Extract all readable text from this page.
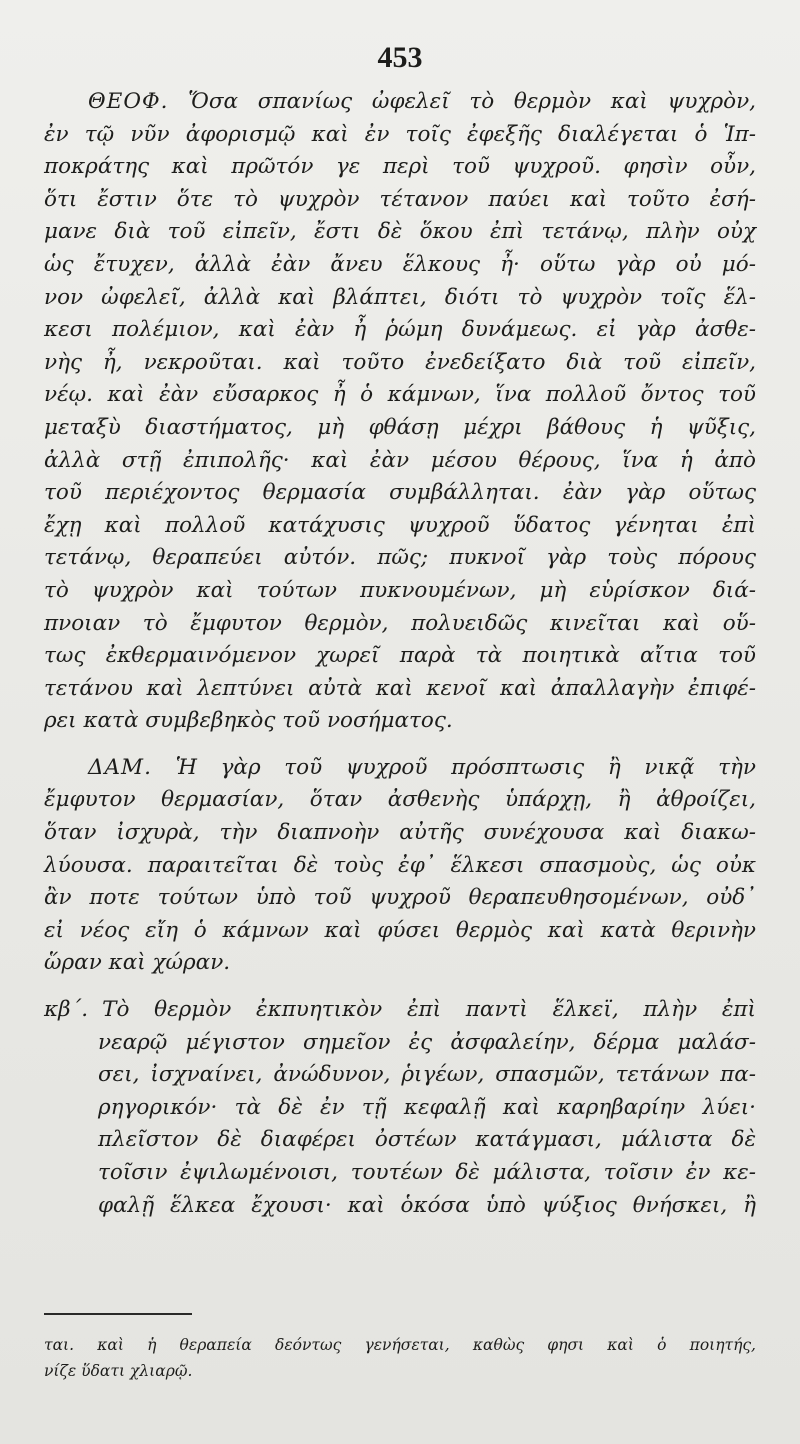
453
ΘΕΟΦ. Ὅσα σπανίως ὠφελεῖ τὸ θερμὸν καὶ ψυχρὸν,
ἐν τῷ νῦν ἀφορισμῷ καὶ ἐν τοῖς ἐφεξῆς διαλέγεται ὁ Ἱπ-
ποκράτης καὶ πρῶτόν γε περὶ τοῦ ψυχροῦ. φησὶν οὖν,
ὅτι ἔστιν ὅτε τὸ ψυχρὸν τέτανον παύει καὶ τοῦτο ἐσή-
μανε διὰ τοῦ εἰπεῖν, ἔστι δὲ ὅκου ἐπὶ τετάνῳ, πλὴν οὐχ
ὡς ἔτυχεν, ἀλλὰ ἐὰν ἄνευ ἕλκους ἦ· οὕτω γὰρ οὐ μό-
νον ὠφελεῖ, ἀλλὰ καὶ βλάπτει, διότι τὸ ψυχρὸν τοῖς ἕλ-
κεσι πολέμιον, καὶ ἐὰν ἦ ῥώμη δυνάμεως. εἰ γὰρ ἀσθε-
νὴς ἦ, νεκροῦται. καὶ τοῦτο ἐνεδείξατο διὰ τοῦ εἰπεῖν,
νέῳ. καὶ ἐὰν εὔσαρκος ἦ ὁ κάμνων, ἵνα πολλοῦ ὄντος τοῦ
μεταξὺ διαστήματος, μὴ φθάσῃ μέχρι βάθους ἡ ψῦξις,
ἀλλὰ στῇ ἐπιπολῆς· καὶ ἐὰν μέσου θέρους, ἵνα ἡ ἀπὸ
τοῦ περιέχοντος θερμασία συμβάλληται. ἐὰν γὰρ οὕτως
ἔχῃ καὶ πολλοῦ κατάχυσις ψυχροῦ ὕδατος γένηται ἐπὶ
τετάνῳ, θεραπεύει αὐτόν. πῶς; πυκνοῖ γὰρ τοὺς πόρους
τὸ ψυχρὸν καὶ τούτων πυκνουμένων, μὴ εὑρίσκον διά-
πνοιαν τὸ ἔμφυτον θερμὸν, πολυειδῶς κινεῖται καὶ οὕ-
τως ἐκθερμαινόμενον χωρεῖ παρὰ τὰ ποιητικὰ αἴτια τοῦ
τετάνου καὶ λεπτύνει αὐτὰ καὶ κενοῖ καὶ ἀπαλλαγὴν ἐπιφέ-
ρει κατὰ συμβεβηκὸς τοῦ νοσήματος.
ΔΑΜ. Ἡ γὰρ τοῦ ψυχροῦ πρόσπτωσις ἢ νικᾷ τὴν
ἔμφυτον θερμασίαν, ὅταν ἀσθενὴς ὑπάρχῃ, ἢ ἀθροίζει,
ὅταν ἰσχυρὰ, τὴν διαπνοὴν αὐτῆς συνέχουσα καὶ διακω-
λύουσα. παραιτεῖται δὲ τοὺς ἐφ᾽ ἕλκεσι σπασμοὺς, ὡς οὐκ
ἂν ποτε τούτων ὑπὸ τοῦ ψυχροῦ θεραπευθησομένων, οὐδ᾽
εἰ νέος εἴη ὁ κάμνων καὶ φύσει θερμὸς καὶ κατὰ θερινὴν
ὥραν καὶ χώραν.
κβ΄. Τὸ θερμὸν ἐκπυητικὸν ἐπὶ παντὶ ἕλκεϊ, πλὴν ἐπὶ
νεαρῷ μέγιστον σημεῖον ἐς ἀσφαλείην, δέρμα μαλάσ-
σει, ἰσχναίνει, ἀνώδυνον, ῥιγέων, σπασμῶν, τετάνων πα-
ρηγορικόν· τὰ δὲ ἐν τῇ κεφαλῇ καὶ καρηβαρίην λύει·
πλεῖστον δὲ διαφέρει ὀστέων κατάγμασι, μάλιστα δὲ
τοῖσιν ἐψιλωμένοισι, τουτέων δὲ μάλιστα, τοῖσιν ἐν κε-
φαλῇ ἕλκεα ἔχουσι· καὶ ὁκόσα ὑπὸ ψύξιος θνήσκει, ἢ
ται. καὶ ἡ θεραπεία δεόντως γενήσεται, καθὼς φησι καὶ ὁ ποιητής,
νίζε ὕδατι χλιαρῷ.
